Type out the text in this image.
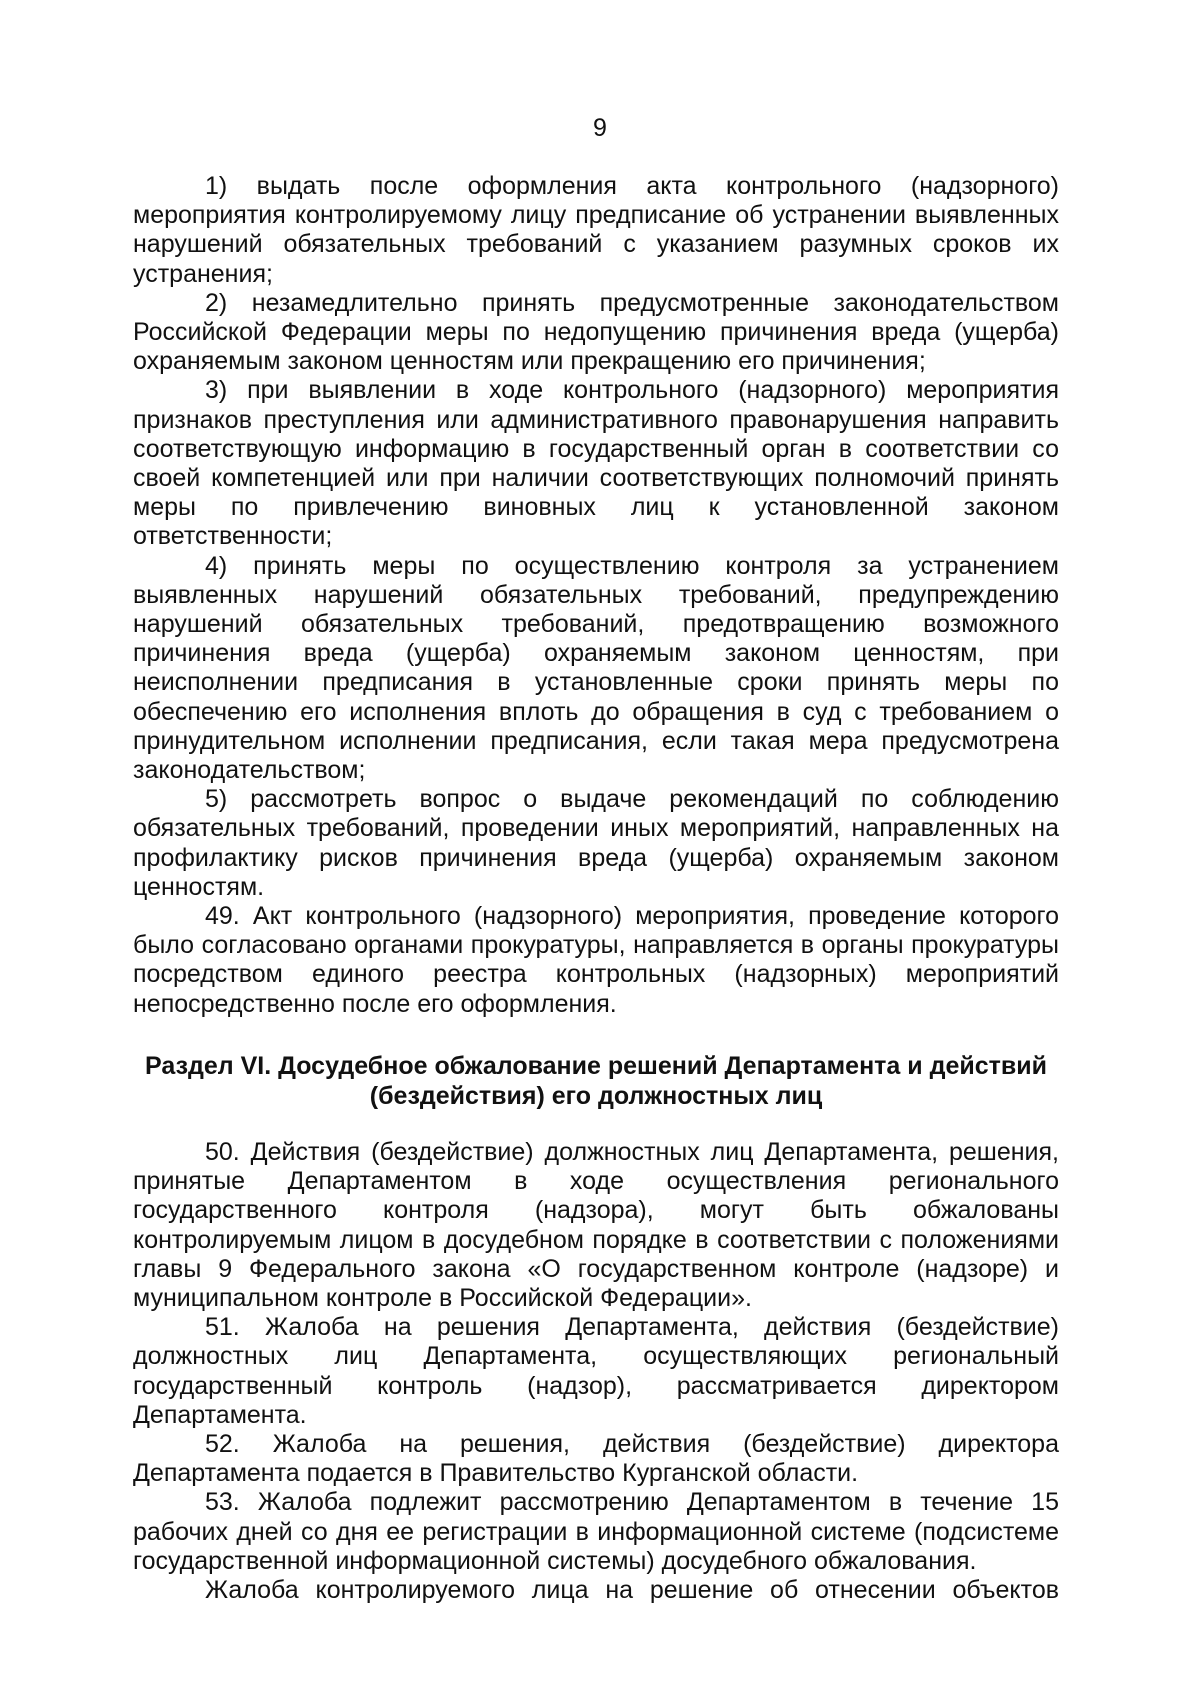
9

1) выдать после оформления акта контрольного (надзорного) мероприятия контролируемому лицу предписание об устранении выявленных нарушений обязательных требований с указанием разумных сроков их устранения;

2) незамедлительно принять предусмотренные законодательством Российской Федерации меры по недопущению причинения вреда (ущерба) охраняемым законом ценностям или прекращению его причинения;

3) при выявлении в ходе контрольного (надзорного) мероприятия признаков преступления или административного правонарушения направить соответствующую информацию в государственный орган в соответствии со своей компетенцией или при наличии соответствующих полномочий принять меры по привлечению виновных лиц к установленной законом ответственности;

4) принять меры по осуществлению контроля за устранением выявленных нарушений обязательных требований, предупреждению нарушений обязательных требований, предотвращению возможного причинения вреда (ущерба) охраняемым законом ценностям, при неисполнении предписания в установленные сроки принять меры по обеспечению его исполнения вплоть до обращения в суд с требованием о принудительном исполнении предписания, если такая мера предусмотрена законодательством;

5) рассмотреть вопрос о выдаче рекомендаций по соблюдению обязательных требований, проведении иных мероприятий, направленных на профилактику рисков причинения вреда (ущерба) охраняемым законом ценностям.

49. Акт контрольного (надзорного) мероприятия, проведение которого было согласовано органами прокуратуры, направляется в органы прокуратуры посредством единого реестра контрольных (надзорных) мероприятий непосредственно после его оформления.

Раздел VI. Досудебное обжалование решений Департамента и действий
(бездействия) его должностных лиц

50. Действия (бездействие) должностных лиц Департамента, решения, принятые Департаментом в ходе осуществления регионального государственного контроля (надзора), могут быть обжалованы контролируемым лицом в досудебном порядке в соответствии с положениями главы 9 Федерального закона «О государственном контроле (надзоре) и муниципальном контроле в Российской Федерации».

51. Жалоба на решения Департамента, действия (бездействие) должностных лиц Департамента, осуществляющих региональный государственный контроль (надзор), рассматривается директором Департамента.

52. Жалоба на решения, действия (бездействие) директора Департамента подается в Правительство Курганской области.

53. Жалоба подлежит рассмотрению Департаментом в течение 15 рабочих дней со дня ее регистрации в информационной системе (подсистеме государственной информационной системы) досудебного обжалования.

Жалоба контролируемого лица на решение об отнесении объектов
